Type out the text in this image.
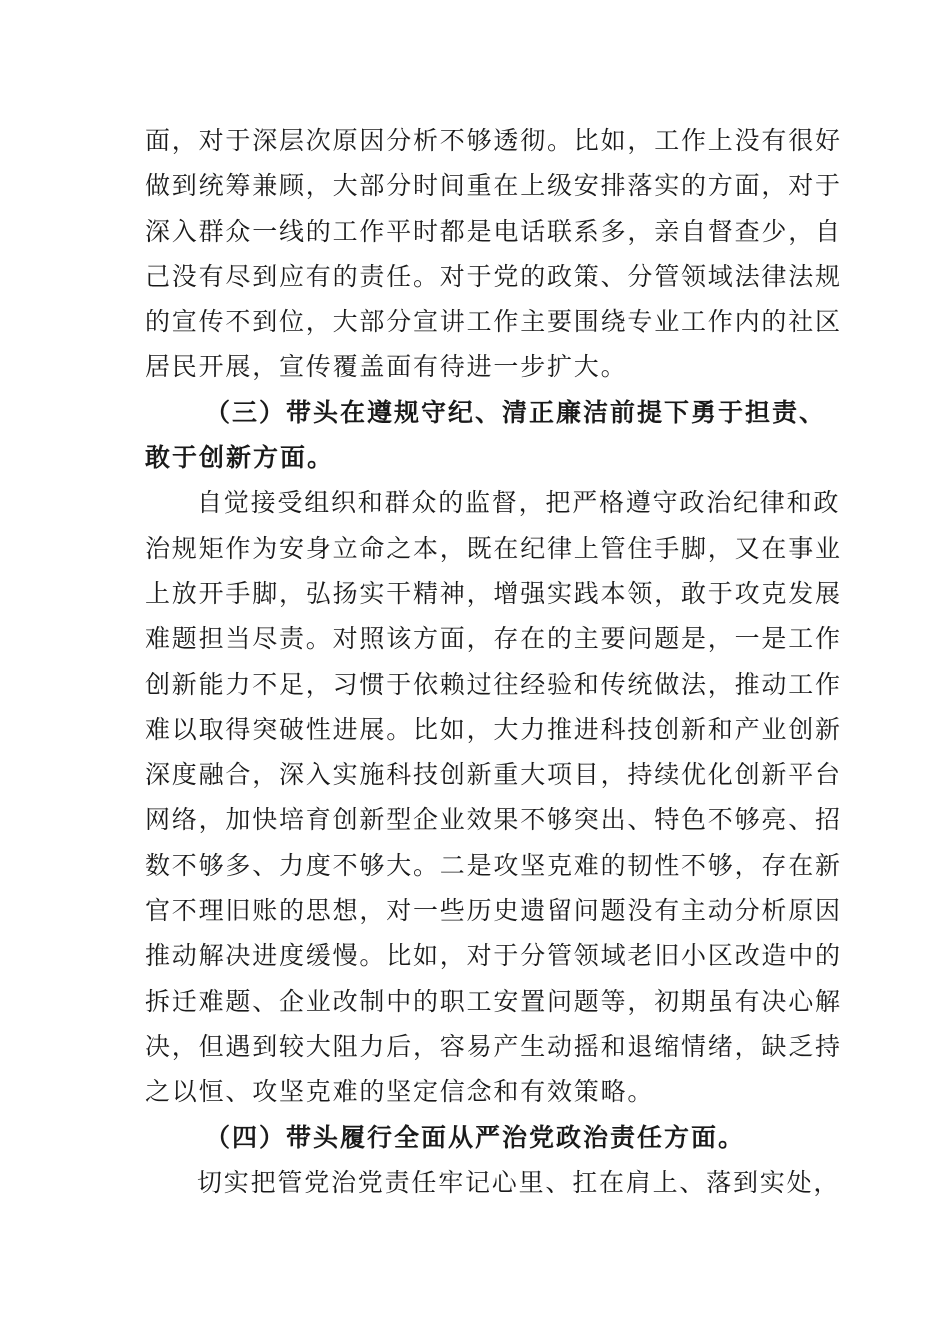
面，对于深层次原因分析不够透彻。比如，工作上没有很好
做到统筹兼顾，大部分时间重在上级安排落实的方面，对于
深入群众一线的工作平时都是电话联系多，亲自督查少，自
己没有尽到应有的责任。对于党的政策、分管领域法律法规
的宣传不到位，大部分宣讲工作主要围绕专业工作内的社区
居民开展，宣传覆盖面有待进一步扩大。
（三）带头在遵规守纪、清正廉洁前提下勇于担责、
敢于创新方面。
自觉接受组织和群众的监督，把严格遵守政治纪律和政
治规矩作为安身立命之本，既在纪律上管住手脚，又在事业
上放开手脚，弘扬实干精神，增强实践本领，敢于攻克发展
难题担当尽责。对照该方面，存在的主要问题是，一是工作
创新能力不足，习惯于依赖过往经验和传统做法，推动工作
难以取得突破性进展。比如，大力推进科技创新和产业创新
深度融合，深入实施科技创新重大项目，持续优化创新平台
网络，加快培育创新型企业效果不够突出、特色不够亮、招
数不够多、力度不够大。二是攻坚克难的韧性不够，存在新
官不理旧账的思想，对一些历史遗留问题没有主动分析原因
推动解决进度缓慢。比如，对于分管领域老旧小区改造中的
拆迁难题、企业改制中的职工安置问题等，初期虽有决心解
决，但遇到较大阻力后，容易产生动摇和退缩情绪，缺乏持
之以恒、攻坚克难的坚定信念和有效策略。
（四）带头履行全面从严治党政治责任方面。
切实把管党治党责任牢记心里、扛在肩上、落到实处，
